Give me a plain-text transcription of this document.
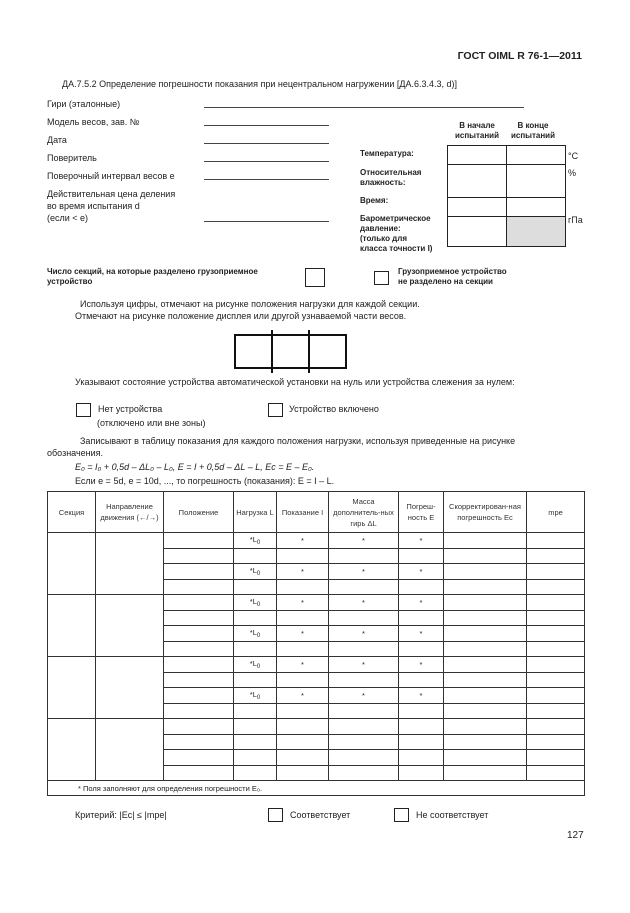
ГОСТ OIML R 76-1—2011
ДА.7.5.2 Определение погрешности показания при нецентральном нагружении [ДА.6.3.4.3, d)]
Гири (эталонные)
Модель весов, зав. №
Дата
Поверитель
Поверочный интервал весов e
Действительная цена деления
во время испытания d
(если < e)
В начале
испытаний
В конце
испытаний

Температура:	°C
Относительная
влажность:
%
Время:
Барометрическое
давление:
(только для
класса точности I)
гПа
Число секций, на которые разделено грузоприемное
устройство
Грузоприемное устройство
не разделено на секции
Используя цифры, отмечают на рисунке положения нагрузки для каждой секции.
Отмечают на рисунке положение дисплея или другой узнаваемой части весов.
Указывают состояние устройства автоматической установки на нуль или устройства слежения за нулем:
Нет устройства
(отключено или вне зоны)
Устройство включено
Записывают в таблицу показания для каждого положения нагрузки, используя приведенные на рисунке
обозначения.
E₀ = I₀ + 0,5d – ΔL₀ – L₀, E = I + 0,5d – ΔL – L, Eс = E – E₀.
Если e = 5d, e = 10d, ..., то погрешность (показания): E = I – L.
Секция	Направление движения (←/→)	Положение	Нагрузка L	Показание I	Масса дополнитель-ных гирь ΔL	Погреш-ность E	Скорректирован-ная погрешность Eс	mpe
			$*L_0$	*	*	*		

			$*L_0$	*	*	*		

			$*L_0$	*	*	*		

			$*L_0$	*	*	*		

			$*L_0$	*	*	*		

			$*L_0$	*	*	*		

* Поля заполняют для определения погрешности E₀.								
Критерий: |Eс| ≤ |mpe|	Соответствует	Не соответствует
127
